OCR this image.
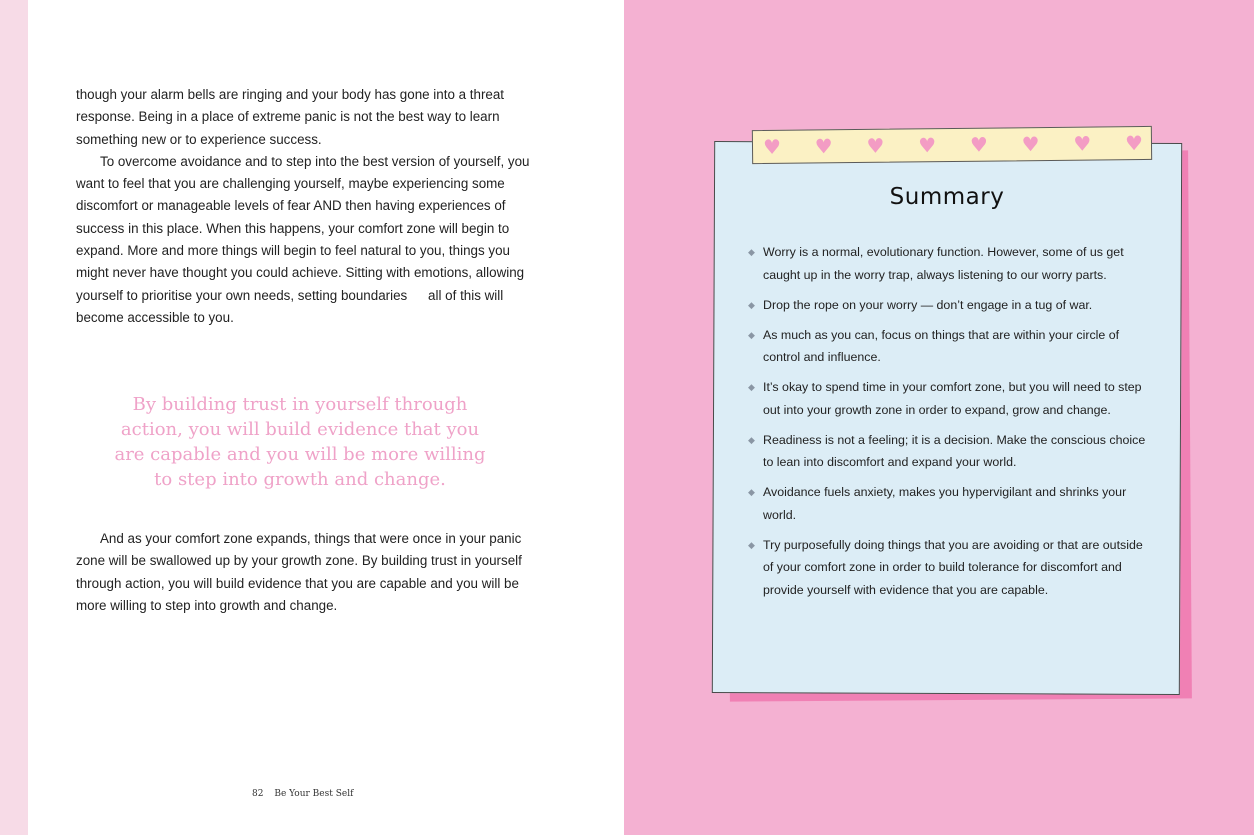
though your alarm bells are ringing and your body has gone into a threat response. Being in a place of extreme panic is not the best way to learn something new or to experience success.

To overcome avoidance and to step into the best version of yourself, you want to feel that you are challenging yourself, maybe experiencing some discomfort or manageable levels of fear AND then having experiences of success in this place. When this happens, your comfort zone will begin to expand. More and more things will begin to feel natural to you, things you might never have thought you could achieve. Sitting with emotions, allowing yourself to prioritise your own needs, setting boundaries   all of this will become accessible to you.

By building trust in yourself through action, you will build evidence that you are capable and you will be more willing to step into growth and change.

And as your comfort zone expands, things that were once in your panic zone will be swallowed up by your growth zone. By building trust in yourself through action, you will build evidence that you are capable and you will be more willing to step into growth and change.

82 Be Your Best Self
♥ ♥ ♥ ♥ ♥ ♥ ♥ ♥
Summary
◆ Worry is a normal, evolutionary function. However, some of us get caught up in the worry trap, always listening to our worry parts.
◆ Drop the rope on your worry — don’t engage in a tug of war.
◆ As much as you can, focus on things that are within your circle of control and influence.
◆ It’s okay to spend time in your comfort zone, but you will need to step out into your growth zone in order to expand, grow and change.
◆ Readiness is not a feeling; it is a decision. Make the conscious choice to lean into discomfort and expand your world.
◆ Avoidance fuels anxiety, makes you hypervigilant and shrinks your world.
◆ Try purposefully doing things that you are avoiding or that are outside of your comfort zone in order to build tolerance for discomfort and provide yourself with evidence that you are capable.
